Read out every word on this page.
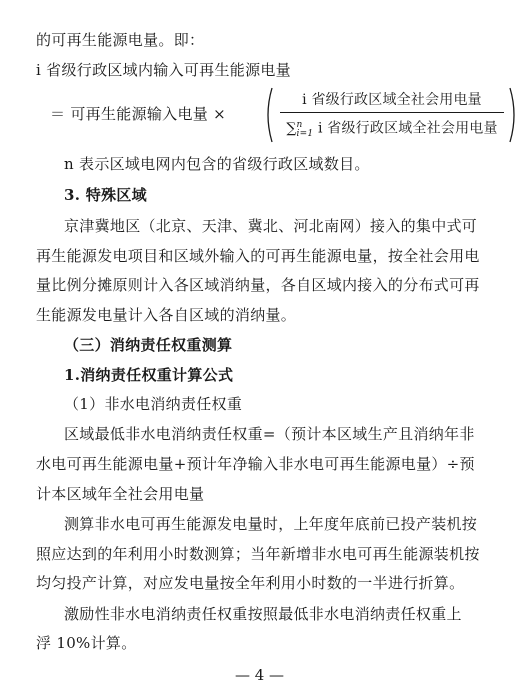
的可再生能源电量。即：
i 省级行政区域内输入可再生能源电量
＝ 可再生能源输入电量 ×
i 省级行政区域全社会用电量
∑$^n_{i=1}$ i 省级行政区域全社会用电量
n 表示区域电网内包含的省级行政区域数目。
3. 特殊区域
京津冀地区（北京、天津、冀北、河北南网）接入的集中式可
再生能源发电项目和区域外输入的可再生能源电量，按全社会用电
量比例分摊原则计入各区域消纳量，各自区域内接入的分布式可再
生能源发电量计入各自区域的消纳量。
（三）消纳责任权重测算
1.消纳责任权重计算公式
（1）非水电消纳责任权重
区域最低非水电消纳责任权重=（预计本区域生产且消纳年非
水电可再生能源电量+预计年净输入非水电可再生能源电量）÷预
计本区域年全社会用电量
测算非水电可再生能源发电量时，上年度年底前已投产装机按
照应达到的年利用小时数测算；当年新增非水电可再生能源装机按
均匀投产计算，对应发电量按全年利用小时数的一半进行折算。
激励性非水电消纳责任权重按照最低非水电消纳责任权重上
浮 10%计算。
— 4 —
